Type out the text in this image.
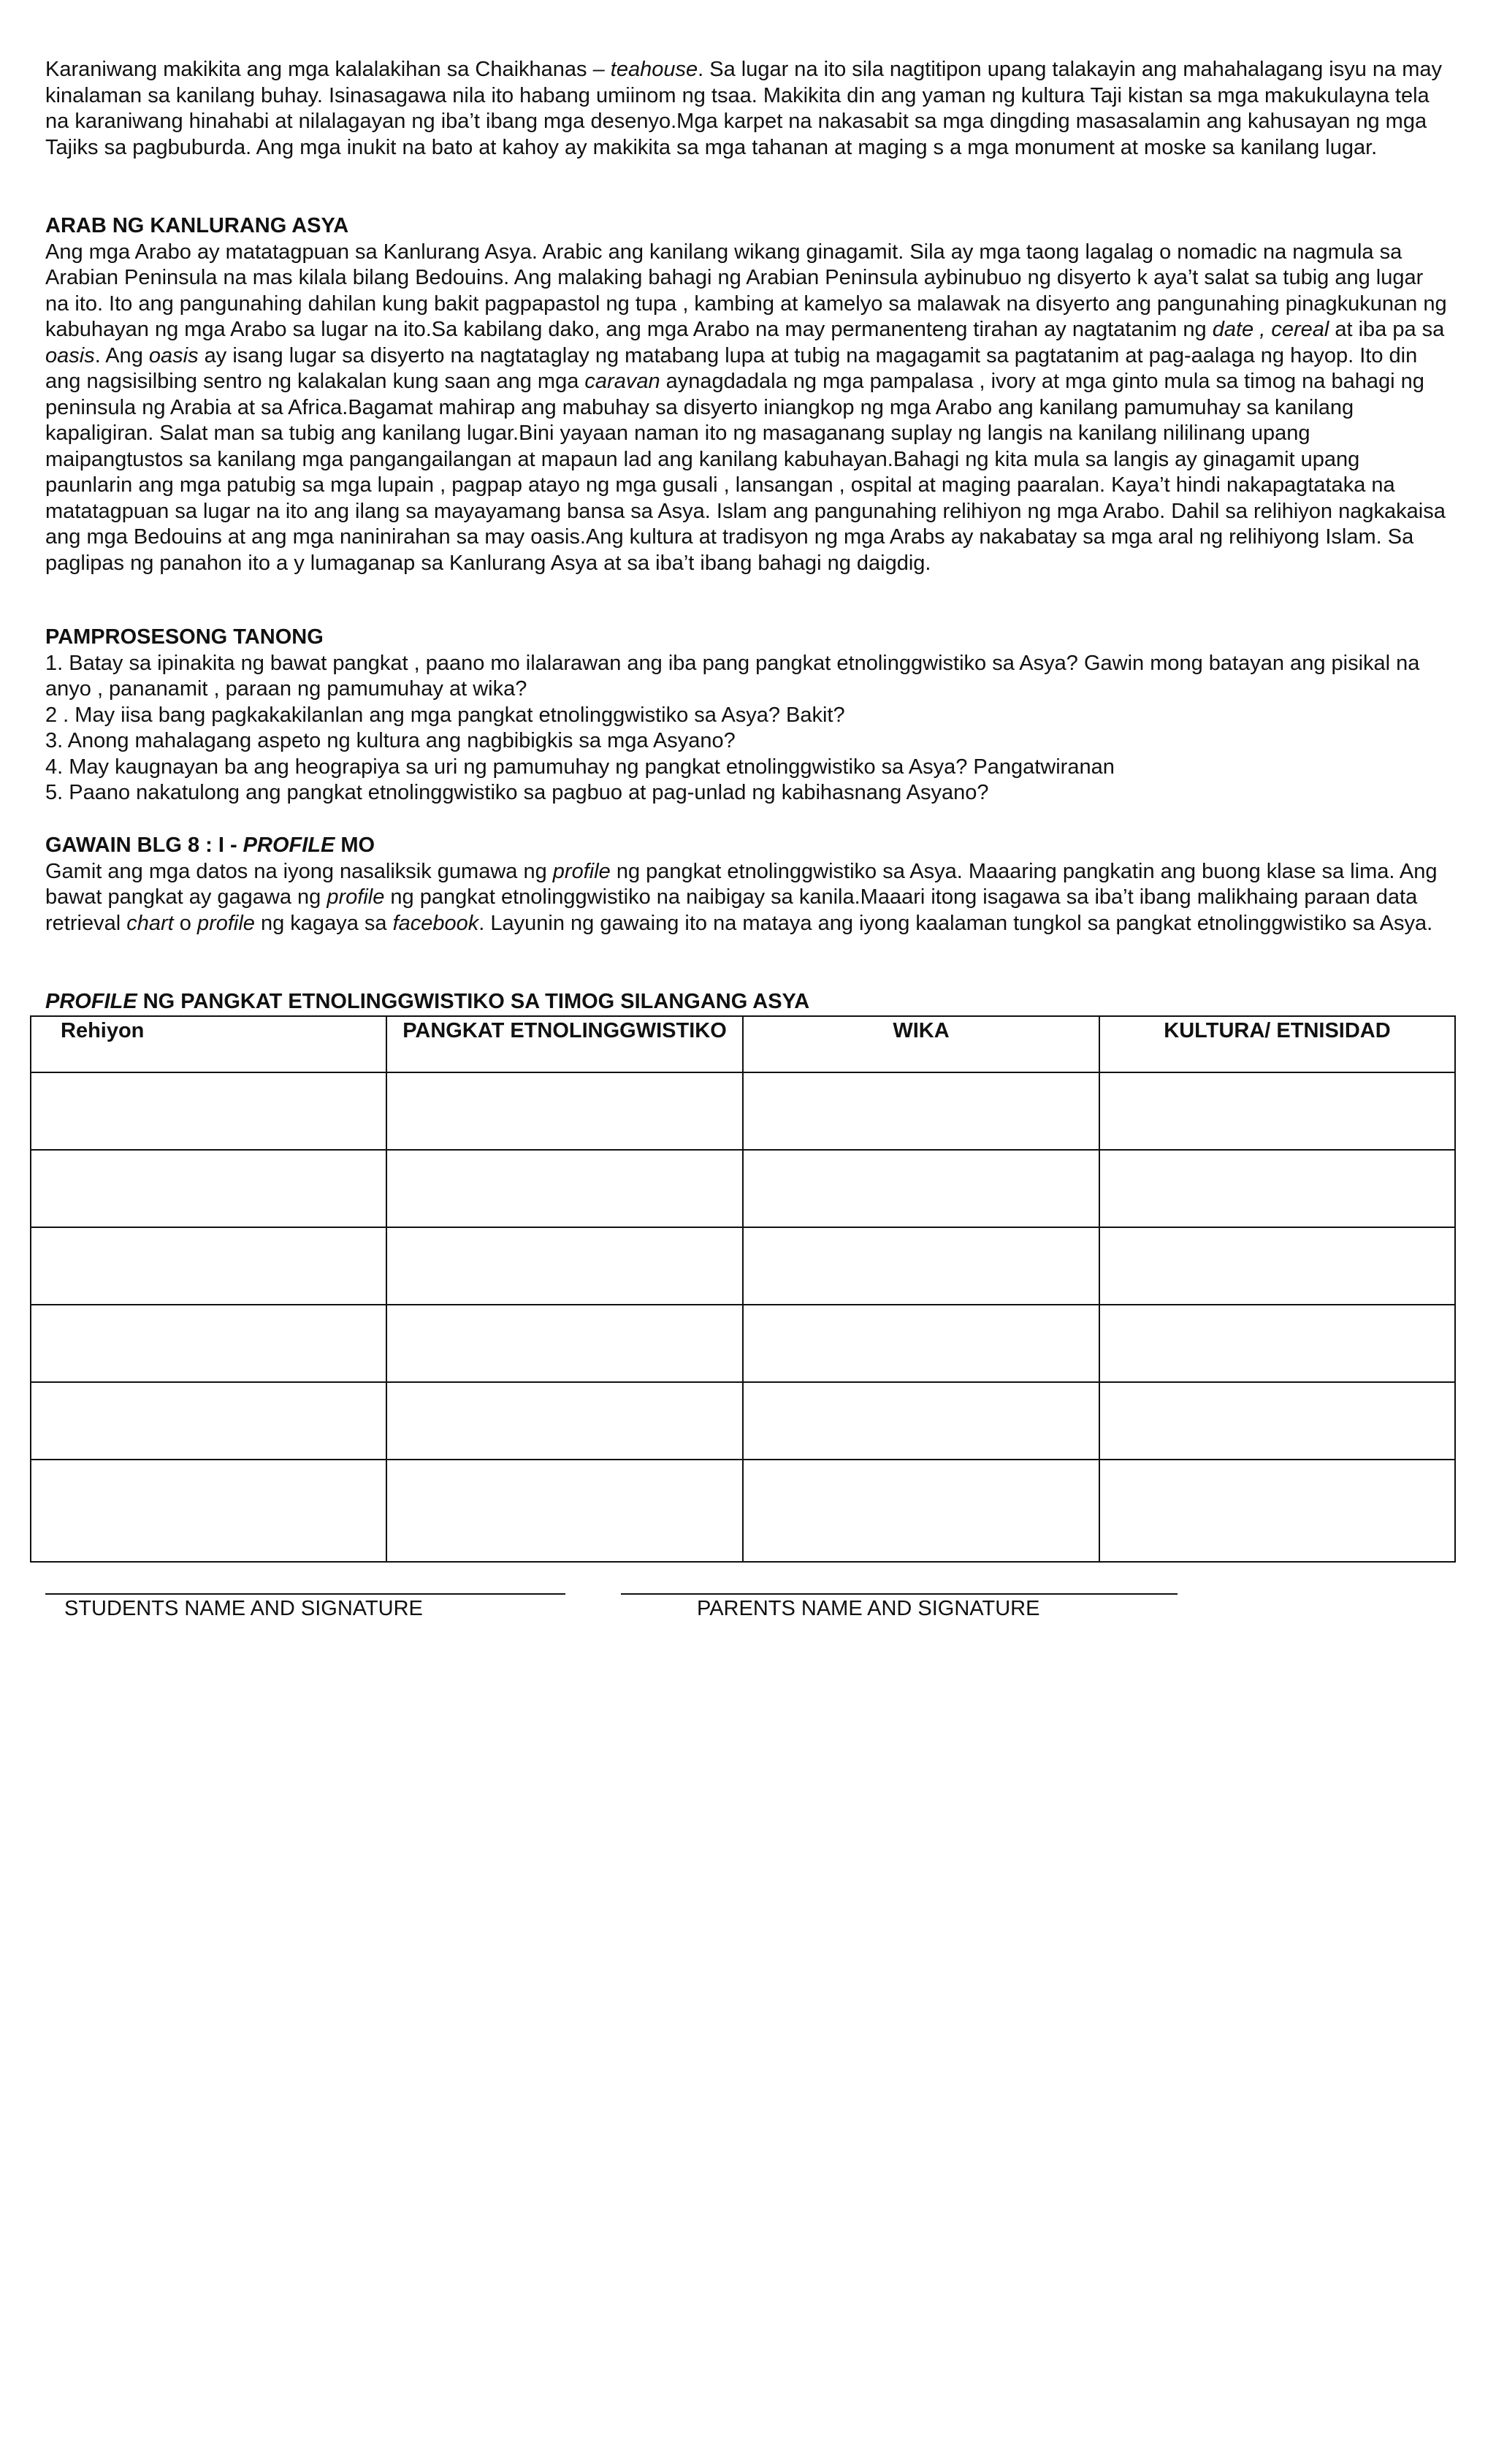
Karaniwang makikita ang mga kalalakihan sa Chaikhanas – teahouse. Sa lugar na ito sila nagtitipon upang talakayin ang mahahalagang isyu na may kinalaman sa kanilang buhay. Isinasagawa nila ito habang umiinom ng tsaa. Makikita din ang yaman ng kultura Taji kistan sa mga makukulayna tela na karaniwang hinahabi at nilalagayan ng iba’t ibang mga desenyo.Mga karpet na nakasabit sa mga dingding masasalamin ang kahusayan ng mga Tajiks sa pagbuburda. Ang mga inukit na bato at kahoy ay makikita sa mga tahanan at maging s a mga monument at moske sa kanilang lugar.

ARAB NG KANLURANG ASYA

Ang mga Arabo ay matatagpuan sa Kanlurang Asya. Arabic ang kanilang wikang ginagamit. Sila ay mga taong lagalag o nomadic na nagmula sa Arabian Peninsula na mas kilala bilang Bedouins. Ang malaking bahagi ng Arabian Peninsula aybinubuo ng disyerto k aya’t salat sa tubig ang lugar na ito. Ito ang pangunahing dahilan kung bakit pagpapastol ng tupa , kambing at kamelyo sa malawak na disyerto ang pangunahing pinagkukunan ng kabuhayan ng mga Arabo sa lugar na ito.Sa kabilang dako, ang mga Arabo na may permanenteng tirahan ay nagtatanim ng date , cereal at iba pa sa oasis. Ang oasis ay isang lugar sa disyerto na nagtataglay ng matabang lupa at tubig na magagamit sa pagtatanim at pag-aalaga ng hayop. Ito din ang nagsisilbing sentro ng kalakalan kung saan ang mga caravan aynagdadala ng mga pampalasa , ivory at mga ginto mula sa timog na bahagi ng peninsula ng Arabia at sa Africa.Bagamat mahirap ang mabuhay sa disyerto iniangkop ng mga Arabo ang kanilang pamumuhay sa kanilang kapaligiran. Salat man sa tubig ang kanilang lugar.Bini yayaan naman ito ng masaganang suplay ng langis na kanilang nililinang upang maipangtustos sa kanilang mga pangangailangan at mapaun lad ang kanilang kabuhayan.Bahagi ng kita mula sa langis ay ginagamit upang paunlarin ang mga patubig sa mga lupain , pagpap atayo ng mga gusali , lansangan , ospital at maging paaralan. Kaya’t hindi nakapagtataka na matatagpuan sa lugar na ito ang ilang sa mayayamang bansa sa Asya. Islam ang pangunahing relihiyon ng mga Arabo. Dahil sa relihiyon nagkakaisa ang mga Bedouins at ang mga naninirahan sa may oasis.Ang kultura at tradisyon ng mga Arabs ay nakabatay sa mga aral ng relihiyong Islam. Sa paglipas ng panahon ito a y lumaganap sa Kanlurang Asya at sa iba’t ibang bahagi ng daigdig.

PAMPROSESONG TANONG

1. Batay sa ipinakita ng bawat pangkat , paano mo ilalarawan ang iba pang pangkat etnolinggwistiko sa Asya? Gawin mong batayan ang pisikal na anyo , pananamit , paraan ng pamumuhay at wika?

2 . May iisa bang pagkakakilanlan ang mga pangkat etnolinggwistiko sa Asya? Bakit?

3. Anong mahalagang aspeto ng kultura ang nagbibigkis sa mga Asyano?

4. May kaugnayan ba ang heograpiya sa uri ng pamumuhay ng pangkat etnolinggwistiko sa Asya? Pangatwiranan

5. Paano nakatulong ang pangkat etnolinggwistiko sa pagbuo at pag-unlad ng kabihasnang Asyano?

GAWAIN BLG 8 : I - PROFILE MO

Gamit ang mga datos na iyong nasaliksik gumawa ng profile ng pangkat etnolinggwistiko sa Asya. Maaaring pangkatin ang buong klase sa lima. Ang bawat pangkat ay gagawa ng profile ng pangkat etnolinggwistiko na naibigay sa kanila.Maaari itong isagawa sa iba’t ibang malikhaing paraan data retrieval chart o profile ng kagaya sa facebook. Layunin ng gawaing ito na mataya ang iyong kaalaman tungkol sa pangkat etnolinggwistiko sa Asya.

PROFILE NG PANGKAT ETNOLINGGWISTIKO SA TIMOG SILANGANG ASYA
Rehiyon	PANGKAT ETNOLINGGWISTIKO	WIKA	KULTURA/ ETNISIDAD

STUDENTS NAME AND SIGNATURE	PARENTS NAME AND SIGNATURE
